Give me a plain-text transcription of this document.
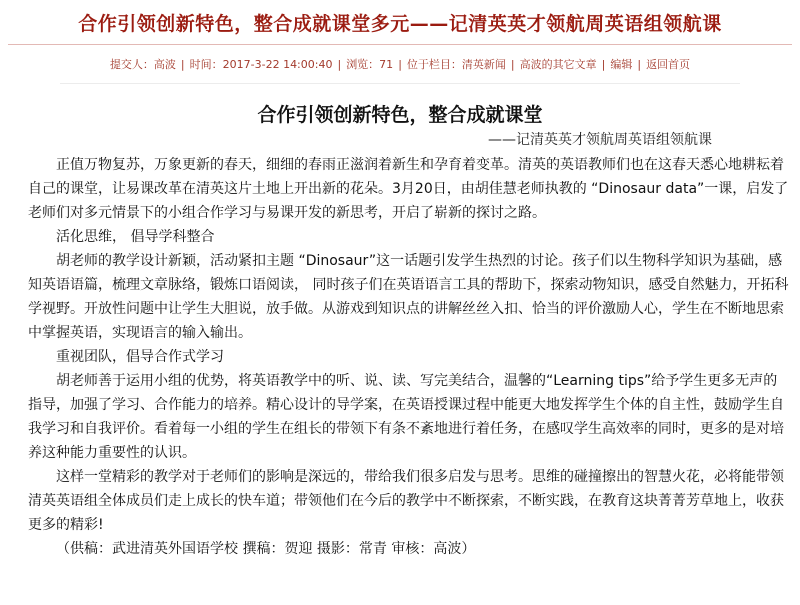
合作引领创新特色，整合成就课堂多元——记清英英才领航周英语组领航课
提交人：高波 | 时间：2017-3-22 14:00:40 | 浏览：71 | 位于栏目：清英新闻 | 高波的其它文章 | 编辑 | 返回首页
合作引领创新特色，整合成就课堂
——记清英英才领航周英语组领航课

正值万物复苏，万象更新的春天，细细的春雨正滋润着新生和孕育着变革。清英的英语教师们也在这春天悉心地耕耘着自己的课堂，让易课改革在清英这片土地上开出新的花朵。3月20日，由胡佳慧老师执教的 “Dinosaur data”一课，启发了老师们对多元情景下的小组合作学习与易课开发的新思考，开启了崭新的探讨之路。

活化思维， 倡导学科整合

胡老师的教学设计新颖，活动紧扣主题 “Dinosaur”这一话题引发学生热烈的讨论。孩子们以生物科学知识为基础，感知英语语篇，梳理文章脉络，锻炼口语阅读， 同时孩子们在英语语言工具的帮助下，探索动物知识，感受自然魅力，开拓科学视野。开放性问题中让学生大胆说，放手做。从游戏到知识点的讲解丝丝入扣、恰当的评价激励人心，学生在不断地思索中掌握英语，实现语言的输入输出。

重视团队，倡导合作式学习

胡老师善于运用小组的优势，将英语教学中的听、说、读、写完美结合，温馨的“Learning tips”给予学生更多无声的指导，加强了学习、合作能力的培养。精心设计的导学案，在英语授课过程中能更大地发挥学生个体的自主性，鼓励学生自我学习和自我评价。看着每一小组的学生在组长的带领下有条不紊地进行着任务，在感叹学生高效率的同时，更多的是对培养这种能力重要性的认识。

这样一堂精彩的教学对于老师们的影响是深远的，带给我们很多启发与思考。思维的碰撞擦出的智慧火花，必将能带领清英英语组全体成员们走上成长的快车道；带领他们在今后的教学中不断探索，不断实践，在教育这块菁菁芳草地上，收获更多的精彩!

（供稿：武进清英外国语学校 撰稿：贺迎 摄影：常青 审核：高波）
